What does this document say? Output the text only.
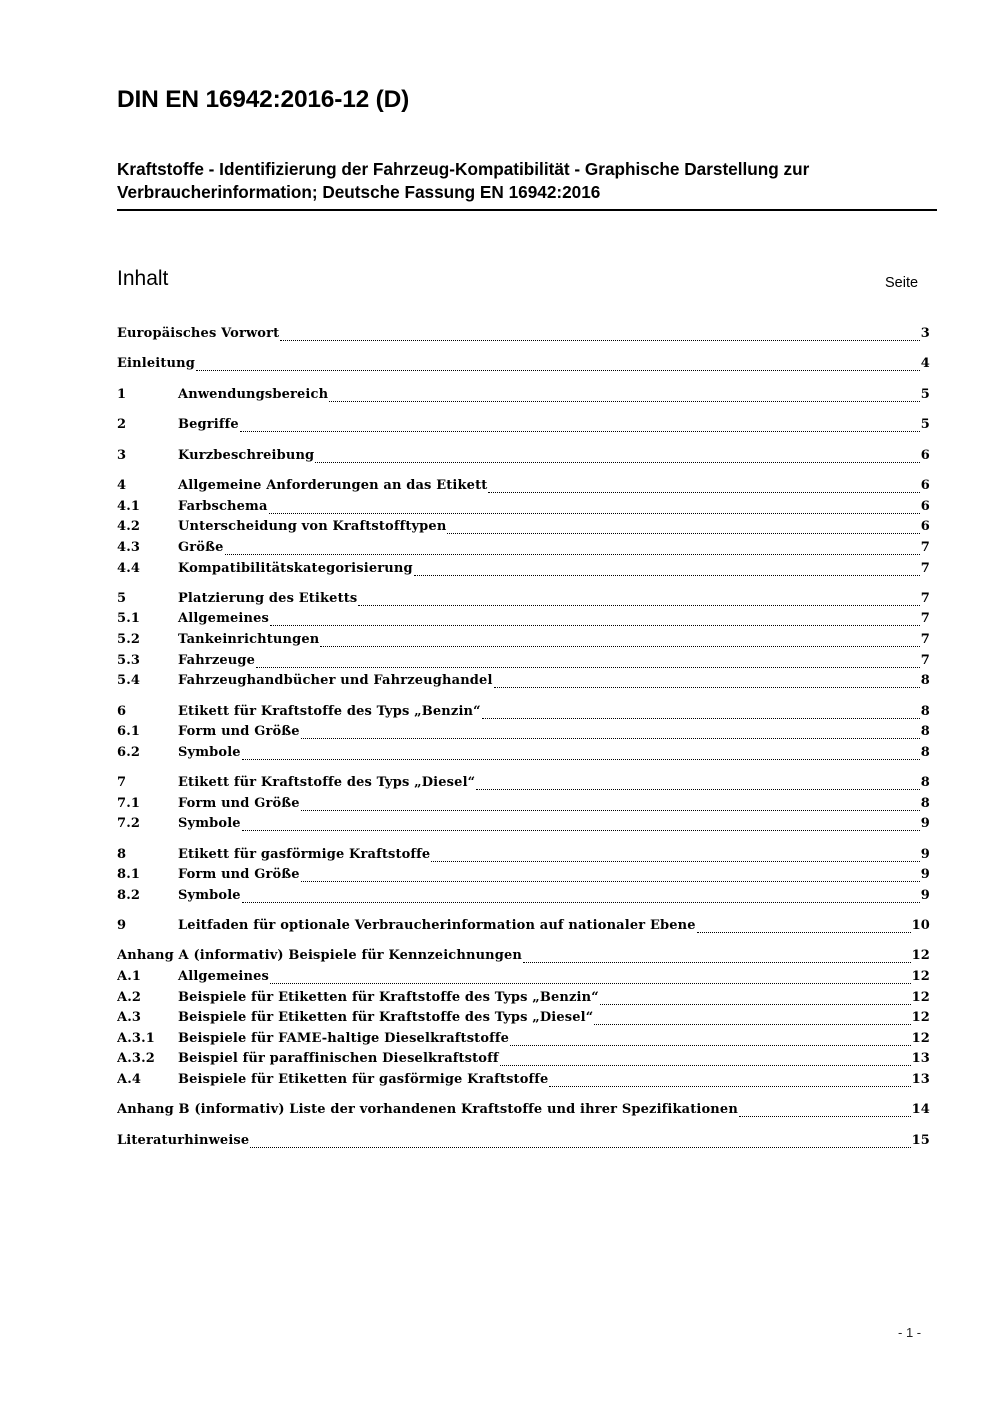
DIN EN 16942:2016-12 (D)
Kraftstoffe - Identifizierung der Fahrzeug-Kompatibilität - Graphische Darstellung zur Verbraucherinformation; Deutsche Fassung EN 16942:2016
Inhalt	Seite
Europäisches Vorwort	3
Einleitung	4
1	Anwendungsbereich	5
2	Begriffe	5
3	Kurzbeschreibung	6
4	Allgemeine Anforderungen an das Etikett	6
4.1	Farbschema	6
4.2	Unterscheidung von Kraftstofftypen	6
4.3	Größe	7
4.4	Kompatibilitätskategorisierung	7
5	Platzierung des Etiketts	7
5.1	Allgemeines	7
5.2	Tankeinrichtungen	7
5.3	Fahrzeuge	7
5.4	Fahrzeughandbücher und Fahrzeughandel	8
6	Etikett für Kraftstoffe des Typs „Benzin“	8
6.1	Form und Größe	8
6.2	Symbole	8
7	Etikett für Kraftstoffe des Typs „Diesel“	8
7.1	Form und Größe	8
7.2	Symbole	9
8	Etikett für gasförmige Kraftstoffe	9
8.1	Form und Größe	9
8.2	Symbole	9
9	Leitfaden für optionale Verbraucherinformation auf nationaler Ebene	10
Anhang A (informativ) Beispiele für Kennzeichnungen	12
A.1	Allgemeines	12
A.2	Beispiele für Etiketten für Kraftstoffe des Typs „Benzin“	12
A.3	Beispiele für Etiketten für Kraftstoffe des Typs „Diesel“	12
A.3.1	Beispiele für FAME-haltige Dieselkraftstoffe	12
A.3.2	Beispiel für paraffinischen Dieselkraftstoff	13
A.4	Beispiele für Etiketten für gasförmige Kraftstoffe	13
Anhang B (informativ) Liste der vorhandenen Kraftstoffe und ihrer Spezifikationen	14
Literaturhinweise	15
- 1 -
